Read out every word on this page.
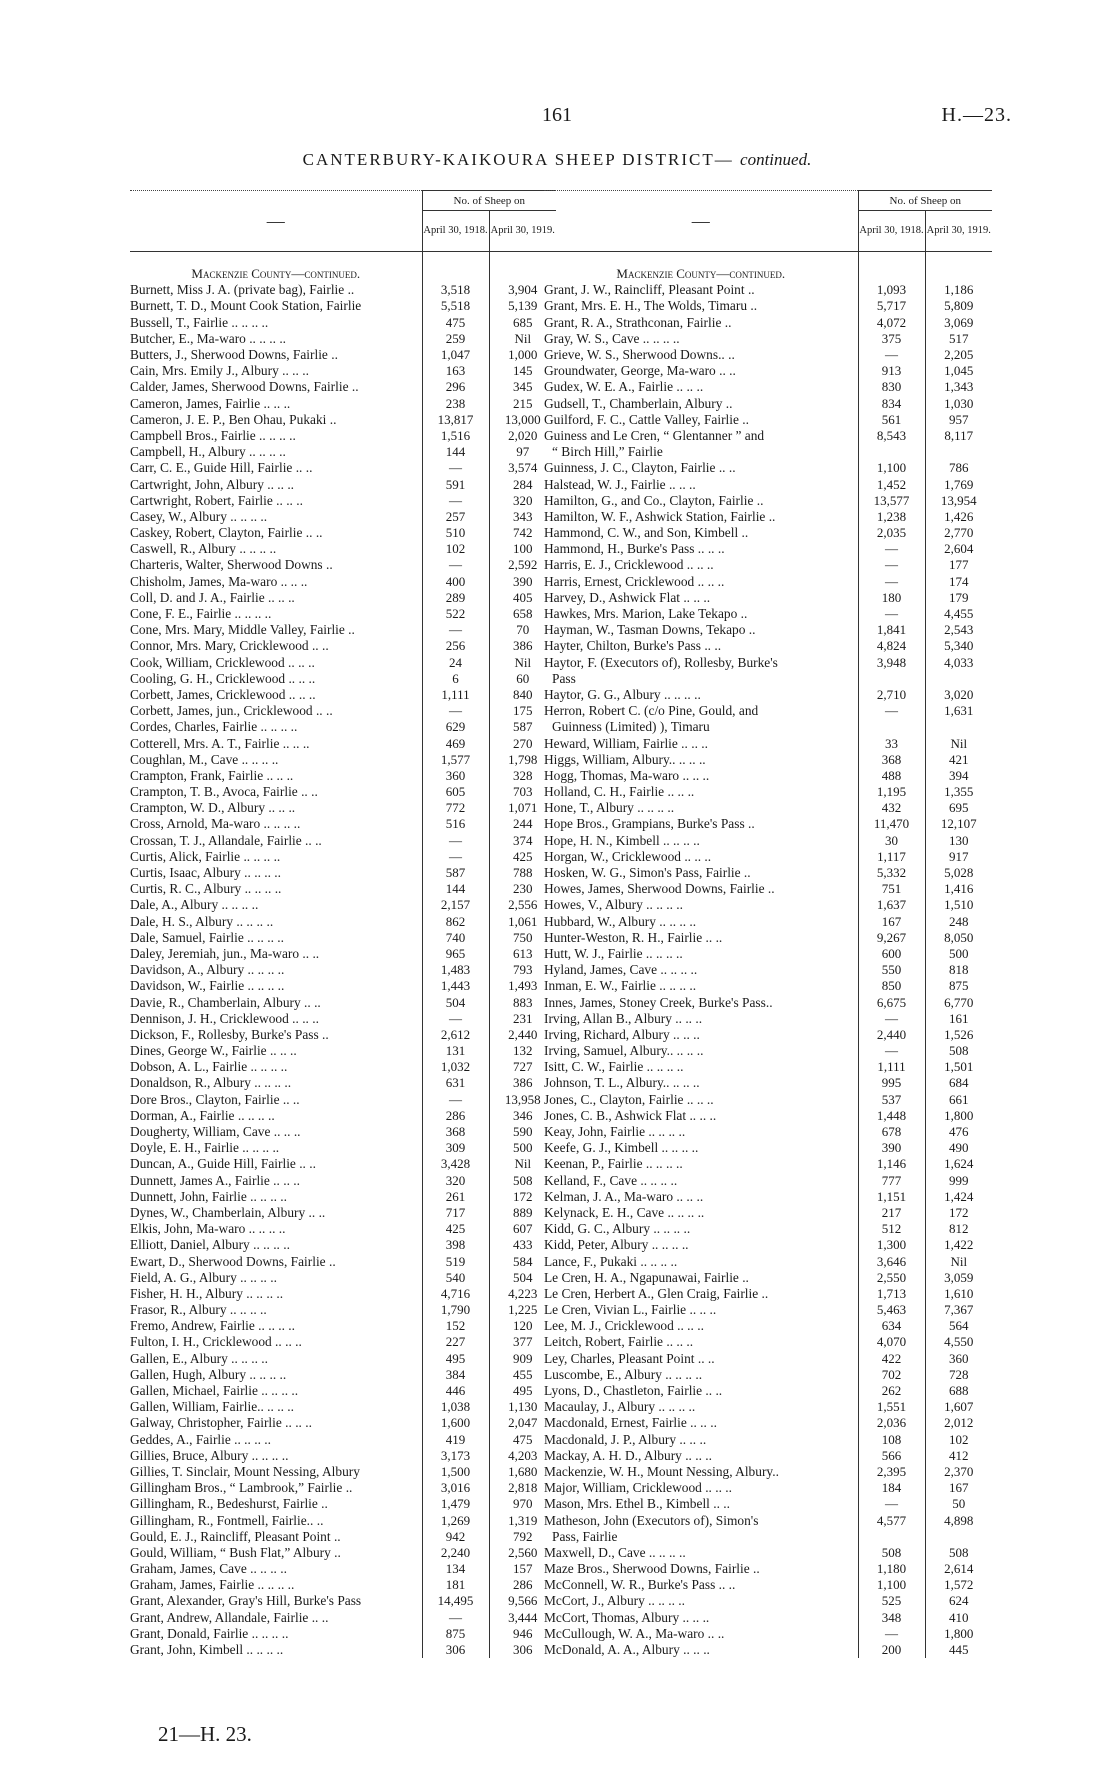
161	H.—23.
CANTERBURY-KAIKOURA SHEEP DISTRICT— continued.
—	No. of Sheep on	
	April 30, 1918.	April 30, 1919.
Mackenzie County—continued.		
Burnett, Miss J. A. (private bag), Fairlie ..	3,518	3,904
Burnett, T. D., Mount Cook Station, Fairlie	5,518	5,139
Bussell, T., Fairlie .. .. .. ..	475	685
Butcher, E., Ma-waro .. .. .. ..	259	Nil
Butters, J., Sherwood Downs, Fairlie ..	1,047	1,000
Cain, Mrs. Emily J., Albury .. .. ..	163	145
Calder, James, Sherwood Downs, Fairlie ..	296	345
Cameron, James, Fairlie .. .. ..	238	215
Cameron, J. E. P., Ben Ohau, Pukaki ..	13,817	13,000
Campbell Bros., Fairlie .. .. .. ..	1,516	2,020
Campbell, H., Albury .. .. .. ..	144	97
Carr, C. E., Guide Hill, Fairlie .. ..	—	3,574
Cartwright, John, Albury .. .. ..	591	284
Cartwright, Robert, Fairlie .. .. ..	—	320
Casey, W., Albury .. .. .. ..	257	343
Caskey, Robert, Clayton, Fairlie .. ..	510	742
Caswell, R., Albury .. .. .. ..	102	100
Charteris, Walter, Sherwood Downs ..	—	2,592
Chisholm, James, Ma-waro .. .. ..	400	390
Coll, D. and J. A., Fairlie .. .. ..	289	405
Cone, F. E., Fairlie .. .. .. ..	522	658
Cone, Mrs. Mary, Middle Valley, Fairlie ..	—	70
Connor, Mrs. Mary, Cricklewood .. ..	256	386
Cook, William, Cricklewood .. .. ..	24	Nil
Cooling, G. H., Cricklewood .. .. ..	6	60
Corbett, James, Cricklewood .. .. ..	1,111	840
Corbett, James, jun., Cricklewood .. ..	—	175
Cordes, Charles, Fairlie .. .. .. ..	629	587
Cotterell, Mrs. A. T., Fairlie .. .. ..	469	270
Coughlan, M., Cave .. .. .. ..	1,577	1,798
Crampton, Frank, Fairlie .. .. ..	360	328
Crampton, T. B., Avoca, Fairlie .. ..	605	703
Crampton, W. D., Albury .. .. ..	772	1,071
Cross, Arnold, Ma-waro .. .. .. ..	516	244
Crossan, T. J., Allandale, Fairlie .. ..	—	374
Curtis, Alick, Fairlie .. .. .. ..	—	425
Curtis, Isaac, Albury .. .. .. ..	587	788
Curtis, R. C., Albury .. .. .. ..	144	230
Dale, A., Albury .. .. .. ..	2,157	2,556
Dale, H. S., Albury .. .. .. ..	862	1,061
Dale, Samuel, Fairlie .. .. .. ..	740	750
Daley, Jeremiah, jun., Ma-waro .. ..	965	613
Davidson, A., Albury .. .. .. ..	1,483	793
Davidson, W., Fairlie .. .. .. ..	1,443	1,493
Davie, R., Chamberlain, Albury .. ..	504	883
Dennison, J. H., Cricklewood .. .. ..	—	231
Dickson, F., Rollesby, Burke's Pass ..	2,612	2,440
Dines, George W., Fairlie .. .. ..	131	132
Dobson, A. L., Fairlie .. .. .. ..	1,032	727
Donaldson, R., Albury .. .. .. ..	631	386
Dore Bros., Clayton, Fairlie .. ..	—	13,958
Dorman, A., Fairlie .. .. .. ..	286	346
Dougherty, William, Cave .. .. ..	368	590
Doyle, E. H., Fairlie .. .. .. ..	309	500
Duncan, A., Guide Hill, Fairlie .. ..	3,428	Nil
Dunnett, James A., Fairlie .. .. ..	320	508
Dunnett, John, Fairlie .. .. .. ..	261	172
Dynes, W., Chamberlain, Albury .. ..	717	889
Elkis, John, Ma-waro .. .. .. ..	425	607
Elliott, Daniel, Albury .. .. .. ..	398	433
Ewart, D., Sherwood Downs, Fairlie ..	519	584
Field, A. G., Albury .. .. .. ..	540	504
Fisher, H. H., Albury .. .. .. ..	4,716	4,223
Frasor, R., Albury .. .. .. ..	1,790	1,225
Fremo, Andrew, Fairlie .. .. .. ..	152	120
Fulton, I. H., Cricklewood .. .. ..	227	377
Gallen, E., Albury .. .. .. ..	495	909
Gallen, Hugh, Albury .. .. .. ..	384	455
Gallen, Michael, Fairlie .. .. .. ..	446	495
Gallen, William, Fairlie.. .. .. ..	1,038	1,130
Galway, Christopher, Fairlie .. .. ..	1,600	2,047
Geddes, A., Fairlie .. .. .. ..	419	475
Gillies, Bruce, Albury .. .. .. ..	3,173	4,203
Gillies, T. Sinclair, Mount Nessing, Albury	1,500	1,680
Gillingham Bros., “ Lambrook,” Fairlie ..	3,016	2,818
Gillingham, R., Bedeshurst, Fairlie ..	1,479	970
Gillingham, R., Fontmell, Fairlie.. ..	1,269	1,319
Gould, E. J., Raincliff, Pleasant Point ..	942	792
Gould, William, “ Bush Flat,” Albury ..	2,240	2,560
Graham, James, Cave .. .. .. ..	134	157
Graham, James, Fairlie .. .. .. ..	181	286
Grant, Alexander, Gray's Hill, Burke's Pass	14,495	9,566
Grant, Andrew, Allandale, Fairlie .. ..	—	3,444
Grant, Donald, Fairlie .. .. .. ..	875	946
Grant, John, Kimbell .. .. .. ..	306	306
—	No. of Sheep on	
	April 30, 1918.	April 30, 1919.
Mackenzie County—continued.		
Grant, J. W., Raincliff, Pleasant Point ..	1,093	1,186
Grant, Mrs. E. H., The Wolds, Timaru ..	5,717	5,809
Grant, R. A., Strathconan, Fairlie ..	4,072	3,069
Gray, W. S., Cave .. .. .. ..	375	517
Grieve, W. S., Sherwood Downs.. ..	—	2,205
Groundwater, George, Ma-waro .. ..	913	1,045
Gudex, W. E. A., Fairlie .. .. ..	830	1,343
Gudsell, T., Chamberlain, Albury ..	834	1,030
Guilford, F. C., Cattle Valley, Fairlie ..	561	957
Guiness and Le Cren, “ Glentanner ” and	8,543	8,117
“ Birch Hill,” Fairlie		
Guinness, J. C., Clayton, Fairlie .. ..	1,100	786
Halstead, W. J., Fairlie .. .. ..	1,452	1,769
Hamilton, G., and Co., Clayton, Fairlie ..	13,577	13,954
Hamilton, W. F., Ashwick Station, Fairlie ..	1,238	1,426
Hammond, C. W., and Son, Kimbell ..	2,035	2,770
Hammond, H., Burke's Pass .. .. ..	—	2,604
Harris, E. J., Cricklewood .. .. ..	—	177
Harris, Ernest, Cricklewood .. .. ..	—	174
Harvey, D., Ashwick Flat .. .. ..	180	179
Hawkes, Mrs. Marion, Lake Tekapo ..	—	4,455
Hayman, W., Tasman Downs, Tekapo ..	1,841	2,543
Hayter, Chilton, Burke's Pass .. ..	4,824	5,340
Haytor, F. (Executors of), Rollesby, Burke's	3,948	4,033
Pass		
Haytor, G. G., Albury .. .. .. ..	2,710	3,020
Herron, Robert C. (c/o Pine, Gould, and	—	1,631
Guinness (Limited) ), Timaru		
Heward, William, Fairlie .. .. ..	33	Nil
Higgs, William, Albury.. .. .. ..	368	421
Hogg, Thomas, Ma-waro .. .. ..	488	394
Holland, C. H., Fairlie .. .. ..	1,195	1,355
Hone, T., Albury .. .. .. ..	432	695
Hope Bros., Grampians, Burke's Pass ..	11,470	12,107
Hope, H. N., Kimbell .. .. .. ..	30	130
Horgan, W., Cricklewood .. .. ..	1,117	917
Hosken, W. G., Simon's Pass, Fairlie ..	5,332	5,028
Howes, James, Sherwood Downs, Fairlie ..	751	1,416
Howes, V., Albury .. .. .. ..	1,637	1,510
Hubbard, W., Albury .. .. .. ..	167	248
Hunter-Weston, R. H., Fairlie .. ..	9,267	8,050
Hutt, W. J., Fairlie .. .. .. ..	600	500
Hyland, James, Cave .. .. .. ..	550	818
Inman, E. W., Fairlie .. .. .. ..	850	875
Innes, James, Stoney Creek, Burke's Pass..	6,675	6,770
Irving, Allan B., Albury .. .. ..	—	161
Irving, Richard, Albury .. .. ..	2,440	1,526
Irving, Samuel, Albury.. .. .. ..	—	508
Isitt, C. W., Fairlie .. .. .. ..	1,111	1,501
Johnson, T. L., Albury.. .. .. ..	995	684
Jones, C., Clayton, Fairlie .. .. ..	537	661
Jones, C. B., Ashwick Flat .. .. ..	1,448	1,800
Keay, John, Fairlie .. .. .. ..	678	476
Keefe, G. J., Kimbell .. .. .. ..	390	490
Keenan, P., Fairlie .. .. .. ..	1,146	1,624
Kelland, F., Cave .. .. .. ..	777	999
Kelman, J. A., Ma-waro .. .. ..	1,151	1,424
Kelynack, E. H., Cave .. .. .. ..	217	172
Kidd, G. C., Albury .. .. .. ..	512	812
Kidd, Peter, Albury .. .. .. ..	1,300	1,422
Lance, F., Pukaki .. .. .. ..	3,646	Nil
Le Cren, H. A., Ngapunawai, Fairlie ..	2,550	3,059
Le Cren, Herbert A., Glen Craig, Fairlie ..	1,713	1,610
Le Cren, Vivian L., Fairlie .. .. ..	5,463	7,367
Lee, M. J., Cricklewood .. .. ..	634	564
Leitch, Robert, Fairlie .. .. ..	4,070	4,550
Ley, Charles, Pleasant Point .. ..	422	360
Luscombe, E., Albury .. .. .. ..	702	728
Lyons, D., Chastleton, Fairlie .. ..	262	688
Macaulay, J., Albury .. .. .. ..	1,551	1,607
Macdonald, Ernest, Fairlie .. .. ..	2,036	2,012
Macdonald, J. P., Albury .. .. ..	108	102
Mackay, A. H. D., Albury .. .. ..	566	412
Mackenzie, W. H., Mount Nessing, Albury..	2,395	2,370
Major, William, Cricklewood .. .. ..	184	167
Mason, Mrs. Ethel B., Kimbell .. ..	—	50
Matheson, John (Executors of), Simon's	4,577	4,898
Pass, Fairlie		
Maxwell, D., Cave .. .. .. ..	508	508
Maze Bros., Sherwood Downs, Fairlie ..	1,180	2,614
McConnell, W. R., Burke's Pass .. ..	1,100	1,572
McCort, J., Albury .. .. .. ..	525	624
McCort, Thomas, Albury .. .. ..	348	410
McCullough, W. A., Ma-waro .. ..	—	1,800
McDonald, A. A., Albury .. .. ..	200	445
21—H. 23.
